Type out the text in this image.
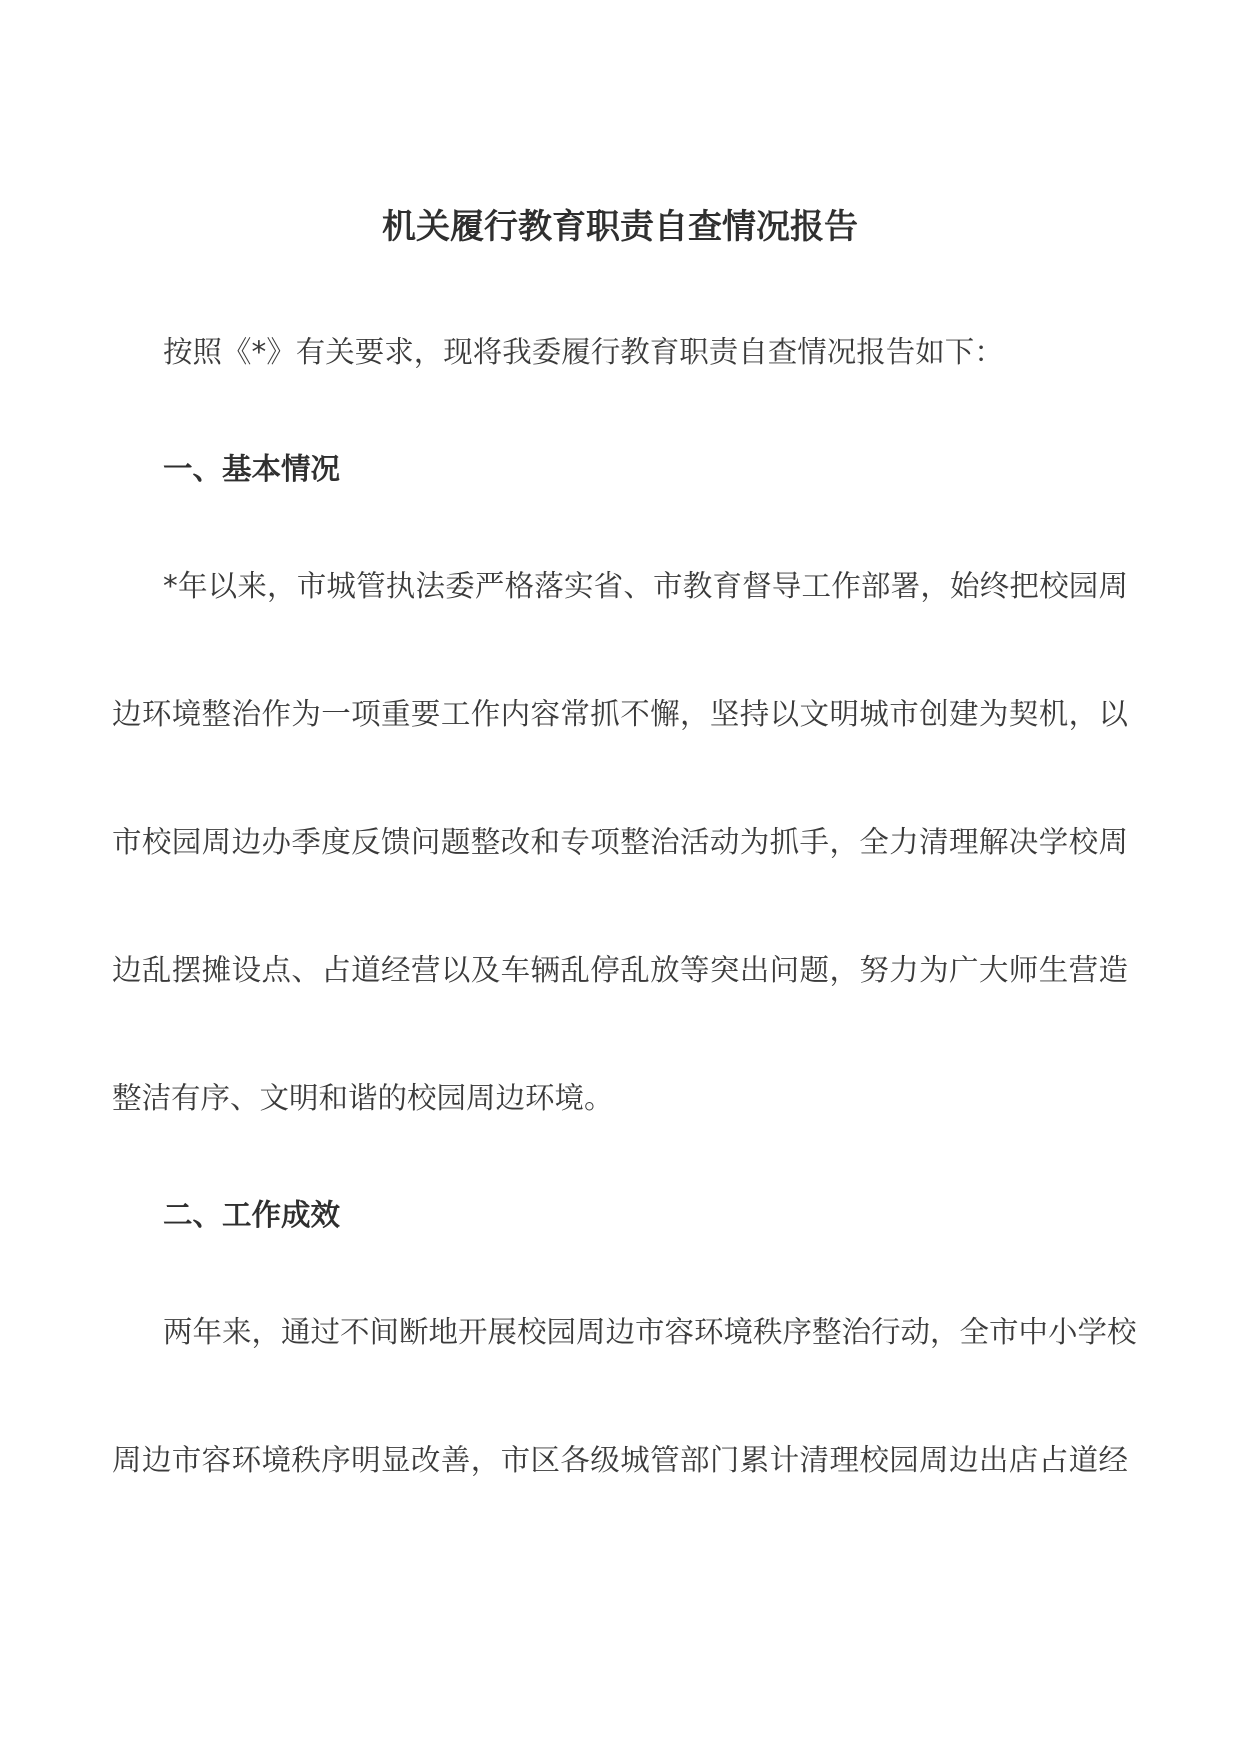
机关履行教育职责自查情况报告
按照《*》有关要求，现将我委履行教育职责自查情况报告如下：
一、基本情况
*年以来，市城管执法委严格落实省、市教育督导工作部署，始终把校园周
边环境整治作为一项重要工作内容常抓不懈，坚持以文明城市创建为契机，以
市校园周边办季度反馈问题整改和专项整治活动为抓手，全力清理解决学校周
边乱摆摊设点、占道经营以及车辆乱停乱放等突出问题，努力为广大师生营造
整洁有序、文明和谐的校园周边环境。
二、工作成效
两年来，通过不间断地开展校园周边市容环境秩序整治行动，全市中小学校
周边市容环境秩序明显改善，市区各级城管部门累计清理校园周边出店占道经
